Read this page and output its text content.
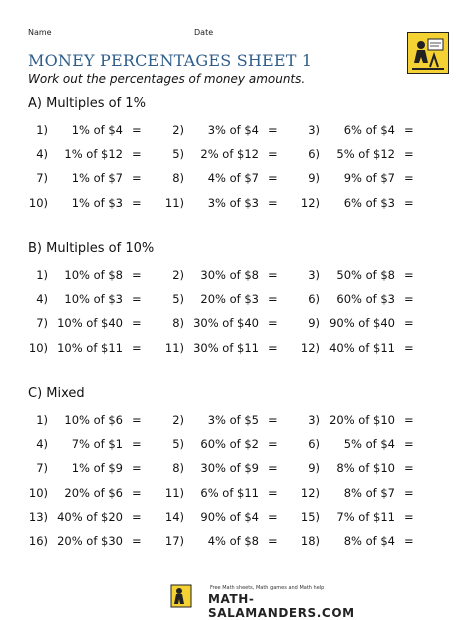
Name	Date
MONEY PERCENTAGES SHEET 1

Work out the percentages of money amounts.

A) Multiples of 1%
B) Multiples of 10%
C) Mixed
1) 1% of $4 =	2) 3% of $4 =	3) 6% of $4 =
4) 1% of $12 =	5) 2% of $12 =	6) 5% of $12 =
7) 1% of $7 =	8) 4% of $7 =	9) 9% of $7 =
10) 1% of $3 = 11) 3% of $3 = 12) 6% of $3 =
1) 10% of $8 =	2) 30% of $8 =	3) 50% of $8 =
4) 10% of $3 =	5) 20% of $3 =	6) 60% of $3 =
7) 10% of $40 =	8) 30% of $40 =	9) 90% of $40 =
10) 10% of $11 = 11) 30% of $11 = 12) 40% of $11 =
1) 10% of $6 =	2) 3% of $5 =	3) 20% of $10 =
4) 7% of $1 =	5) 60% of $2 =	6) 5% of $4 =
7) 1% of $9 =	8) 30% of $9 =	9) 8% of $10 =
10) 20% of $6 = 11) 6% of $11 = 12) 8% of $7 =
13) 40% of $20 = 14) 90% of $4 = 15) 7% of $11 =
16) 20% of $30 = 17) 4% of $8 = 18) 8% of $4 =
Free Math sheets, Math games and Math help
MATH-SALAMANDERS.COM
